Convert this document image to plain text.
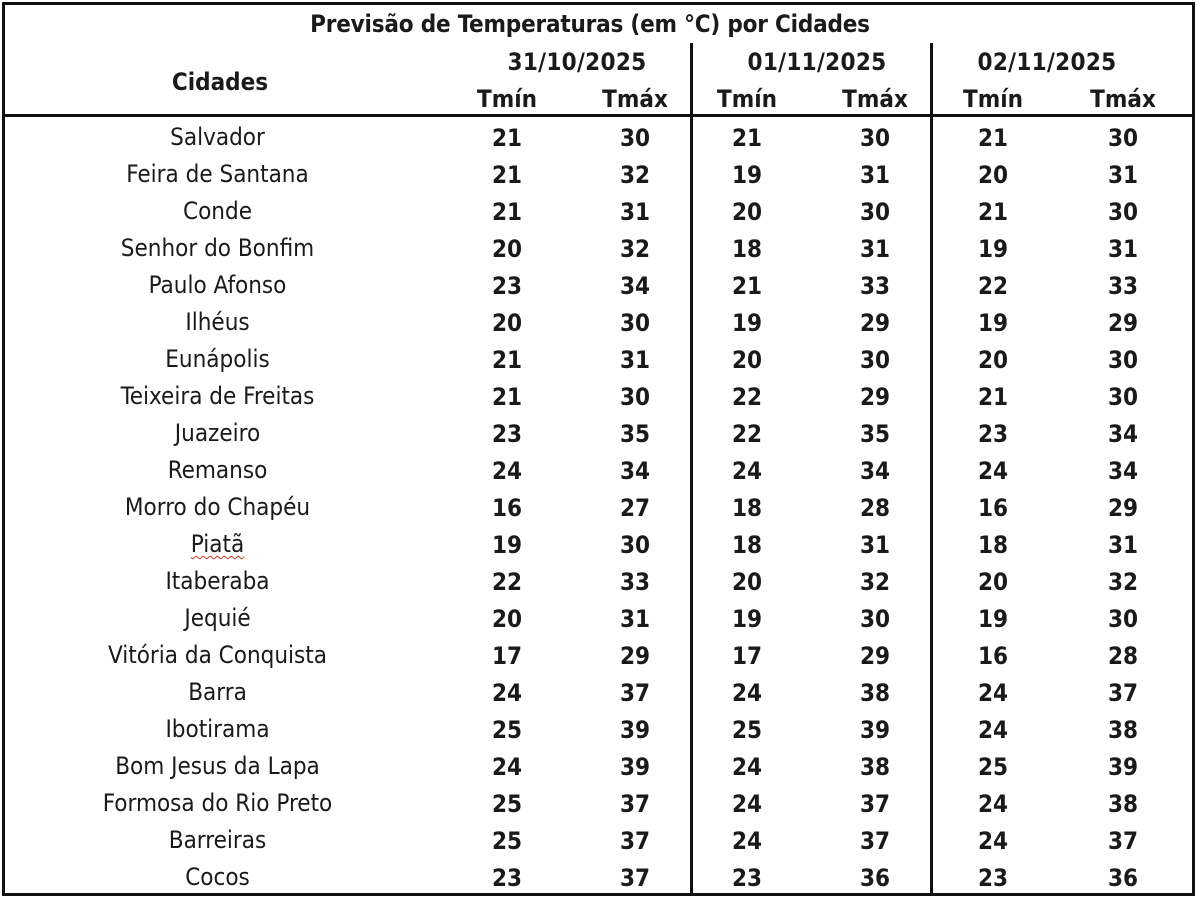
Previsão de Temperaturas (em °C) por Cidades
Cidades
31/10/2025	01/11/2025	02/11/2025
Tmín	Tmáx	Tmín	Tmáx	Tmín	Tmáx
Salvador	21	30	21	30	21	30
Feira de Santana	21	32	19	31	20	31
Conde	21	31	20	30	21	30
Senhor do Bonfim	20	32	18	31	19	31
Paulo Afonso	23	34	21	33	22	33
Ilhéus	20	30	19	29	19	29
Eunápolis	21	31	20	30	20	30
Teixeira de Freitas	21	30	22	29	21	30
Juazeiro	23	35	22	35	23	34
Remanso	24	34	24	34	24	34
Morro do Chapéu	16	27	18	28	16	29
Piatã	19	30	18	31	18	31
Itaberaba	22	33	20	32	20	32
Jequié	20	31	19	30	19	30
Vitória da Conquista	17	29	17	29	16	28
Barra	24	37	24	38	24	37
Ibotirama	25	39	25	39	24	38
Bom Jesus da Lapa	24	39	24	38	25	39
Formosa do Rio Preto	25	37	24	37	24	38
Barreiras	25	37	24	37	24	37
Cocos	23	37	23	36	23	36
